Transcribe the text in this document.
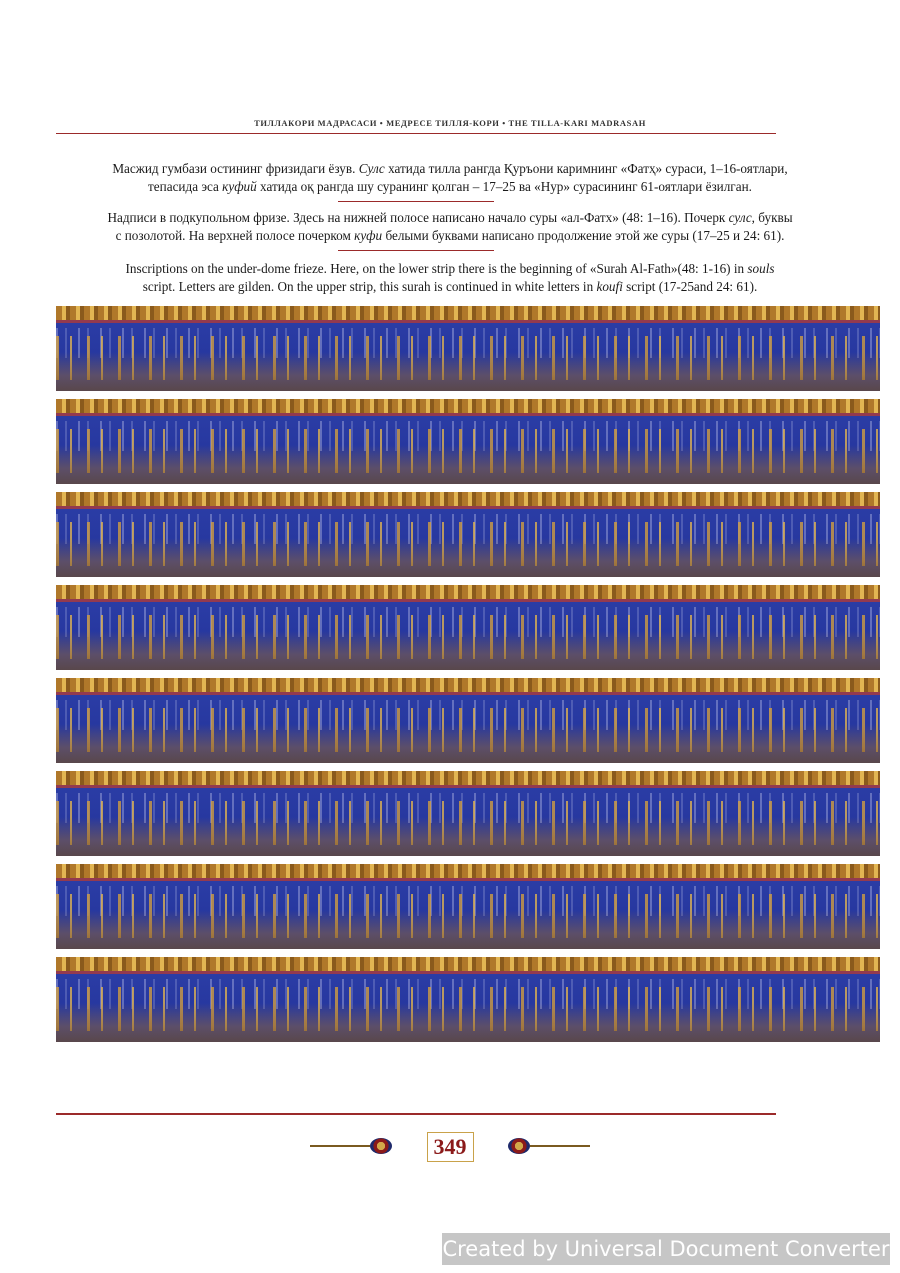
ТИЛЛАКОРИ МАДРАСАСИ • МЕДРЕСЕ ТИЛЛЯ-КОРИ • THE TILLA-KARI MADRASAH
Масжид гумбази остининг фризидаги ёзув. Сулс хатида тилла рангда Қуръони каримнинг «Фатҳ» сураси, 1–16-оятлари,
тепасида эса куфий хатида оқ рангда шу суранинг қолган – 17–25 ва «Нур» сурасининг 61-оятлари ёзилган.
Надписи в подкупольном фризе. Здесь на нижней полосе написано начало суры «ал-Фатх» (48: 1–16). Почерк сулс, буквы
с позолотой. На верхней полосе почерком куфи белыми буквами написано продолжение этой же суры (17–25 и 24: 61).
Inscriptions on the under-dome frieze. Here, on the lower strip there is the beginning of «Surah Al-Fath»(48: 1-16) in souls
script. Letters are gilden. On the upper strip, this surah is continued in white letters in koufi script (17-25and 24: 61).
349
Created by Universal Document Converter
